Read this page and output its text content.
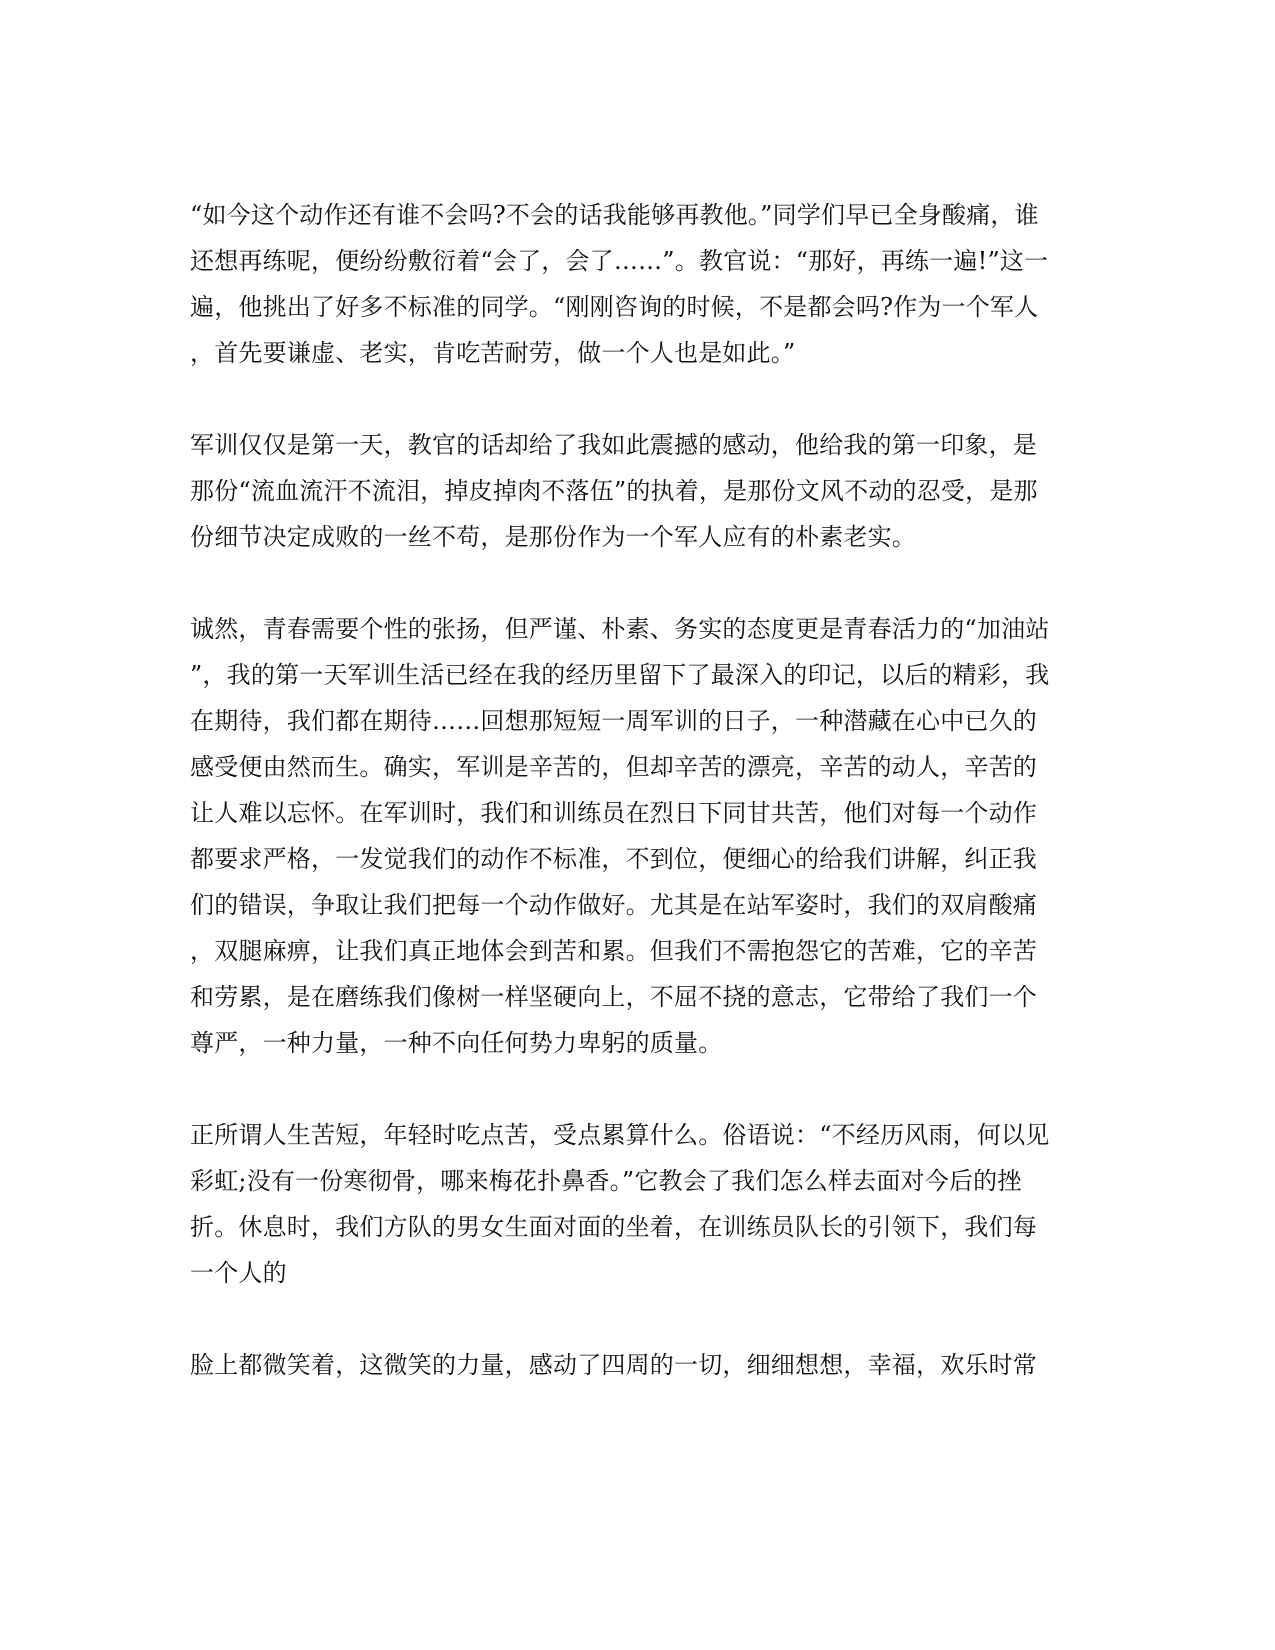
“如今这个动作还有谁不会吗?不会的话我能够再教他。”同学们早已全身酸痛，谁
还想再练呢，便纷纷敷衍着“会了，会了……”。教官说：“那好，再练一遍!”这一
遍，他挑出了好多不标准的同学。“刚刚咨询的时候，不是都会吗?作为一个军人
，首先要谦虚、老实，肯吃苦耐劳，做一个人也是如此。”
军训仅仅是第一天，教官的话却给了我如此震撼的感动，他给我的第一印象，是
那份“流血流汗不流泪，掉皮掉肉不落伍”的执着，是那份文风不动的忍受，是那
份细节决定成败的一丝不苟，是那份作为一个军人应有的朴素老实。
诚然，青春需要个性的张扬，但严谨、朴素、务实的态度更是青春活力的“加油站
”，我的第一天军训生活已经在我的经历里留下了最深入的印记，以后的精彩，我
在期待，我们都在期待……回想那短短一周军训的日子，一种潜藏在心中已久的
感受便由然而生。确实，军训是辛苦的，但却辛苦的漂亮，辛苦的动人，辛苦的
让人难以忘怀。在军训时，我们和训练员在烈日下同甘共苦，他们对每一个动作
都要求严格，一发觉我们的动作不标准，不到位，便细心的给我们讲解，纠正我
们的错误，争取让我们把每一个动作做好。尤其是在站军姿时，我们的双肩酸痛
，双腿麻痹，让我们真正地体会到苦和累。但我们不需抱怨它的苦难，它的辛苦
和劳累，是在磨练我们像树一样坚硬向上，不屈不挠的意志，它带给了我们一个
尊严，一种力量，一种不向任何势力卑躬的质量。
正所谓人生苦短，年轻时吃点苦，受点累算什么。俗语说：“不经历风雨，何以见
彩虹;没有一份寒彻骨，哪来梅花扑鼻香。”它教会了我们怎么样去面对今后的挫
折。休息时，我们方队的男女生面对面的坐着，在训练员队长的引领下，我们每
一个人的
脸上都微笑着，这微笑的力量，感动了四周的一切，细细想想，幸福，欢乐时常
